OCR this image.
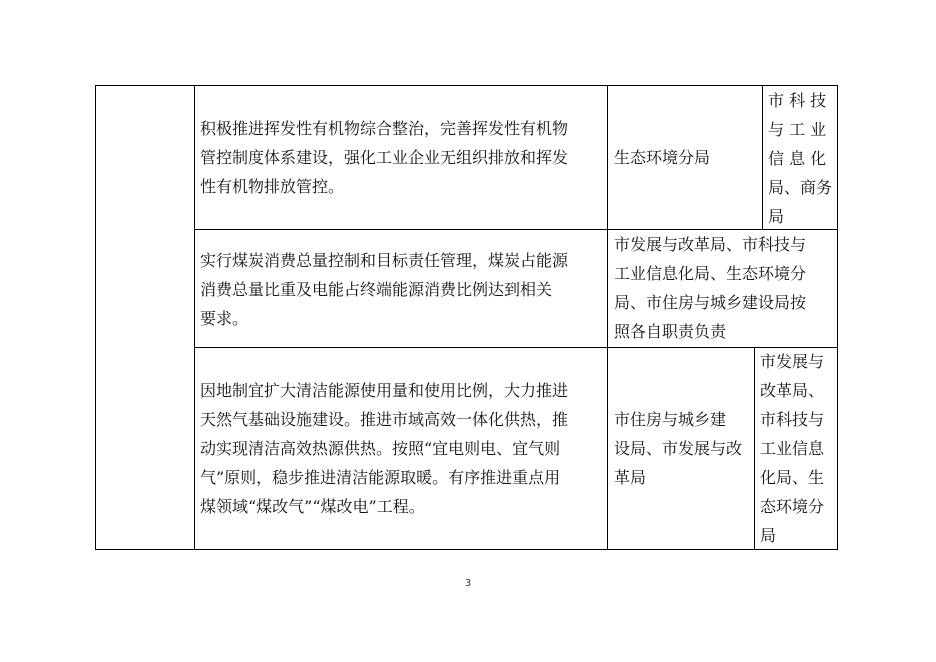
积极推进挥发性有机物综合整治，完善挥发性有机物
管控制度体系建设，强化工业企业无组织排放和挥发
性有机物排放管控。
生态环境分局
市 科 技
与 工 业
信 息 化
局、商务
局
实行煤炭消费总量控制和目标责任管理，煤炭占能源
消费总量比重及电能占终端能源消费比例达到相关
要求。
市发展与改革局、市科技与
工业信息化局、生态环境分
局、市住房与城乡建设局按
照各自职责负责
因地制宜扩大清洁能源使用量和使用比例，大力推进
天然气基础设施建设。推进市域高效一体化供热，推
动实现清洁高效热源供热。按照“宜电则电、宜气则
气”原则，稳步推进清洁能源取暖。有序推进重点用
煤领域“煤改气”“煤改电”工程。
市住房与城乡建
设局、市发展与改
革局
市发展与
改革局、
市科技与
工业信息
化局、生
态环境分
局
3
